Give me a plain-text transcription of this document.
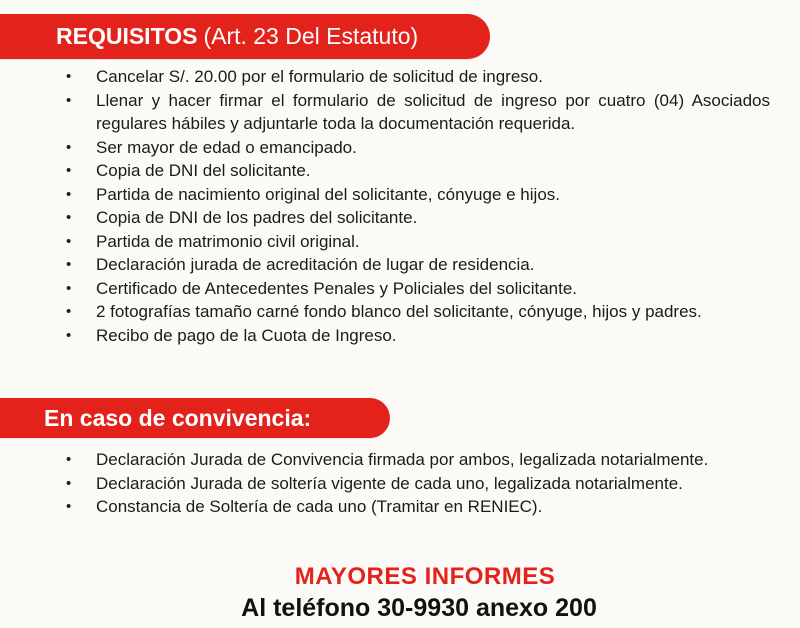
REQUISITOS (Art. 23 Del Estatuto)
• Cancelar S/. 20.00 por el formulario de solicitud de ingreso.
• Llenar y hacer firmar el formulario de solicitud de ingreso por cuatro (04) Asociados regulares hábiles y adjuntarle toda la documentación requerida.
• Ser mayor de edad o emancipado.
• Copia de DNI del solicitante.
• Partida de nacimiento original del solicitante, cónyuge e hijos.
• Copia de DNI de los padres del solicitante.
• Partida de matrimonio civil original.
• Declaración jurada de acreditación de lugar de residencia.
• Certificado de Antecedentes Penales y Policiales del solicitante.
• 2 fotografías tamaño carné fondo blanco del solicitante, cónyuge, hijos y padres.
• Recibo de pago de la Cuota de Ingreso.
En caso de convivencia:
• Declaración Jurada de Convivencia firmada por ambos, legalizada notarialmente.
• Declaración Jurada de soltería vigente de cada uno, legalizada notarialmente.
• Constancia de Soltería de cada uno (Tramitar en RENIEC).
MAYORES INFORMES
Al teléfono 30-9930 anexo 200
